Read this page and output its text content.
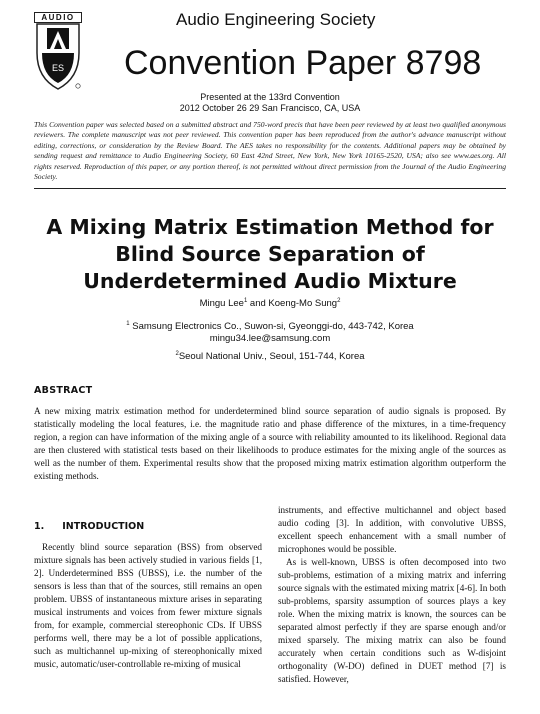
AUDIO
ES
Audio Engineering Society
Convention Paper 8798
Presented at the 133rd Convention
2012 October 26 29 San Francisco, CA, USA
This Convention paper was selected based on a submitted abstract and 750-word precis that have been peer reviewed by at least two qualified anonymous reviewers. The complete manuscript was not peer reviewed. This convention paper has been reproduced from the author's advance manuscript without editing, corrections, or consideration by the Review Board. The AES takes no responsibility for the contents. Additional papers may be obtained by sending request and remittance to Audio Engineering Society, 60 East 42nd Street, New York, New York 10165-2520, USA; also see www.aes.org. All rights reserved. Reproduction of this paper, or any portion thereof, is not permitted without direct permission from the Journal of the Audio Engineering Society.
A Mixing Matrix Estimation Method for
Blind Source Separation of
Underdetermined Audio Mixture
Mingu Lee$^1$ and Koeng-Mo Sung$^2$
$^1$ Samsung Electronics Co., Suwon-si, Gyeonggi-do, 443-742, Korea
mingu34.lee@samsung.com
$^2$Seoul National Univ., Seoul, 151-744, Korea
ABSTRACT
A new mixing matrix estimation method for underdetermined blind source separation of audio signals is proposed. By statistically modeling the local features, i.e. the magnitude ratio and phase difference of the mixtures, in a time-frequency region, a region can have information of the mixing angle of a source with reliability amounted to its likelihood. Regional data are then clustered with statistical tests based on their likelihoods to produce estimates for the mixing angle of the sources as well as the number of them. Experimental results show that the proposed mixing matrix estimation algorithm outperform the existing methods.
1. INTRODUCTION

Recently blind source separation (BSS) from observed mixture signals has been actively studied in various fields [1, 2]. Underdetermined BSS (UBSS), i.e. the number of the sensors is less than that of the sources, still remains an open problem. UBSS of instantaneous mixture arises in separating musical instruments and voices from fewer mixture signals from, for example, commercial stereophonic CDs. If UBSS performs well, there may be a lot of possible applications, such as multichannel up-mixing of stereophonically mixed music, automatic/user-controllable re-mixing of musical

instruments, and effective multichannel and object based audio coding [3]. In addition, with convolutive UBSS, excellent speech enhancement with a small number of microphones would be possible.

As is well-known, UBSS is often decomposed into two sub-problems, estimation of a mixing matrix and inferring source signals with the estimated mixing matrix [4-6]. In both sub-problems, sparsity assumption of sources plays a key role. When the mixing matrix is known, the sources can be separated almost perfectly if they are sparse enough and/or mixed sparsely. The mixing matrix can also be found accurately when certain conditions such as W-disjoint orthogonality (W-DO) defined in DUET method [7] is satisfied. However,
